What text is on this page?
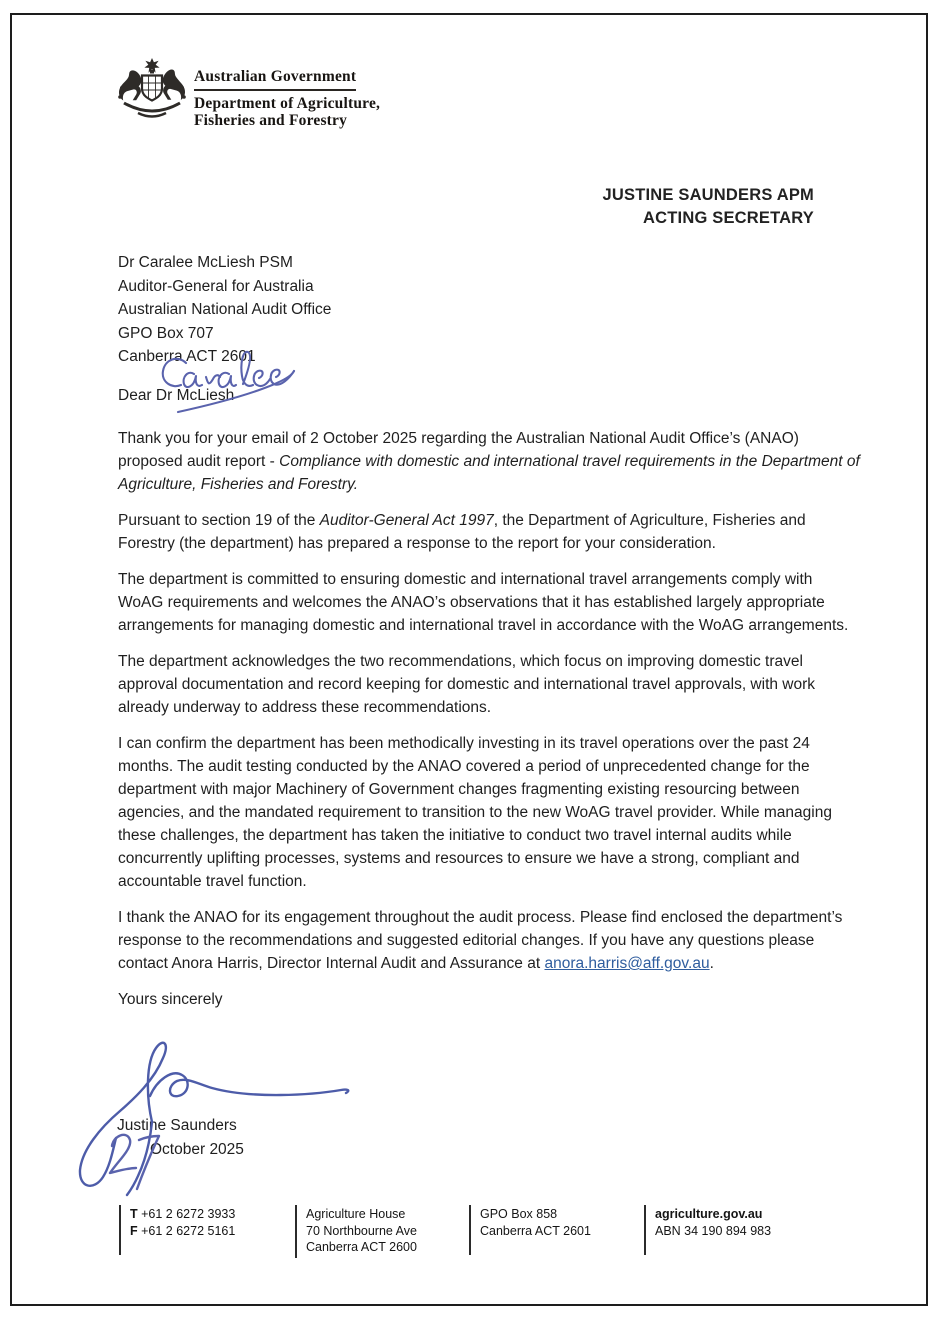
Australian Government
Department of Agriculture,
Fisheries and Forestry
JUSTINE SAUNDERS APM
ACTING SECRETARY
Dr Caralee McLiesh PSM
Auditor-General for Australia
Australian National Audit Office
GPO Box 707
Canberra ACT 2601
Dear Dr McLiesh

Thank you for your email of 2 October 2025 regarding the Australian National Audit Office’s (ANAO) proposed audit report - Compliance with domestic and international travel requirements in the Department of Agriculture, Fisheries and Forestry.

Pursuant to section 19 of the Auditor-General Act 1997, the Department of Agriculture, Fisheries and Forestry (the department) has prepared a response to the report for your consideration.

The department is committed to ensuring domestic and international travel arrangements comply with WoAG requirements and welcomes the ANAO’s observations that it has established largely appropriate arrangements for managing domestic and international travel in accordance with the WoAG arrangements.

The department acknowledges the two recommendations, which focus on improving domestic travel approval documentation and record keeping for domestic and international travel approvals, with work already underway to address these recommendations.

I can confirm the department has been methodically investing in its travel operations over the past 24 months. The audit testing conducted by the ANAO covered a period of unprecedented change for the department with major Machinery of Government changes fragmenting existing resourcing between agencies, and the mandated requirement to transition to the new WoAG travel provider. While managing these challenges, the department has taken the initiative to conduct two travel internal audits while concurrently uplifting processes, systems and resources to ensure we have a strong, compliant and accountable travel function.

I thank the ANAO for its engagement throughout the audit process. Please find enclosed the department’s response to the recommendations and suggested editorial changes. If you have any questions please contact Anora Harris, Director Internal Audit and Assurance at anora.harris@aff.gov.au.

Yours sincerely

Justine Saunders
October 2025
T +61 2 6272 3933
F +61 2 6272 5161
Agriculture House
70 Northbourne Ave
Canberra ACT 2600
GPO Box 858
Canberra ACT 2601
agriculture.gov.au
ABN 34 190 894 983
